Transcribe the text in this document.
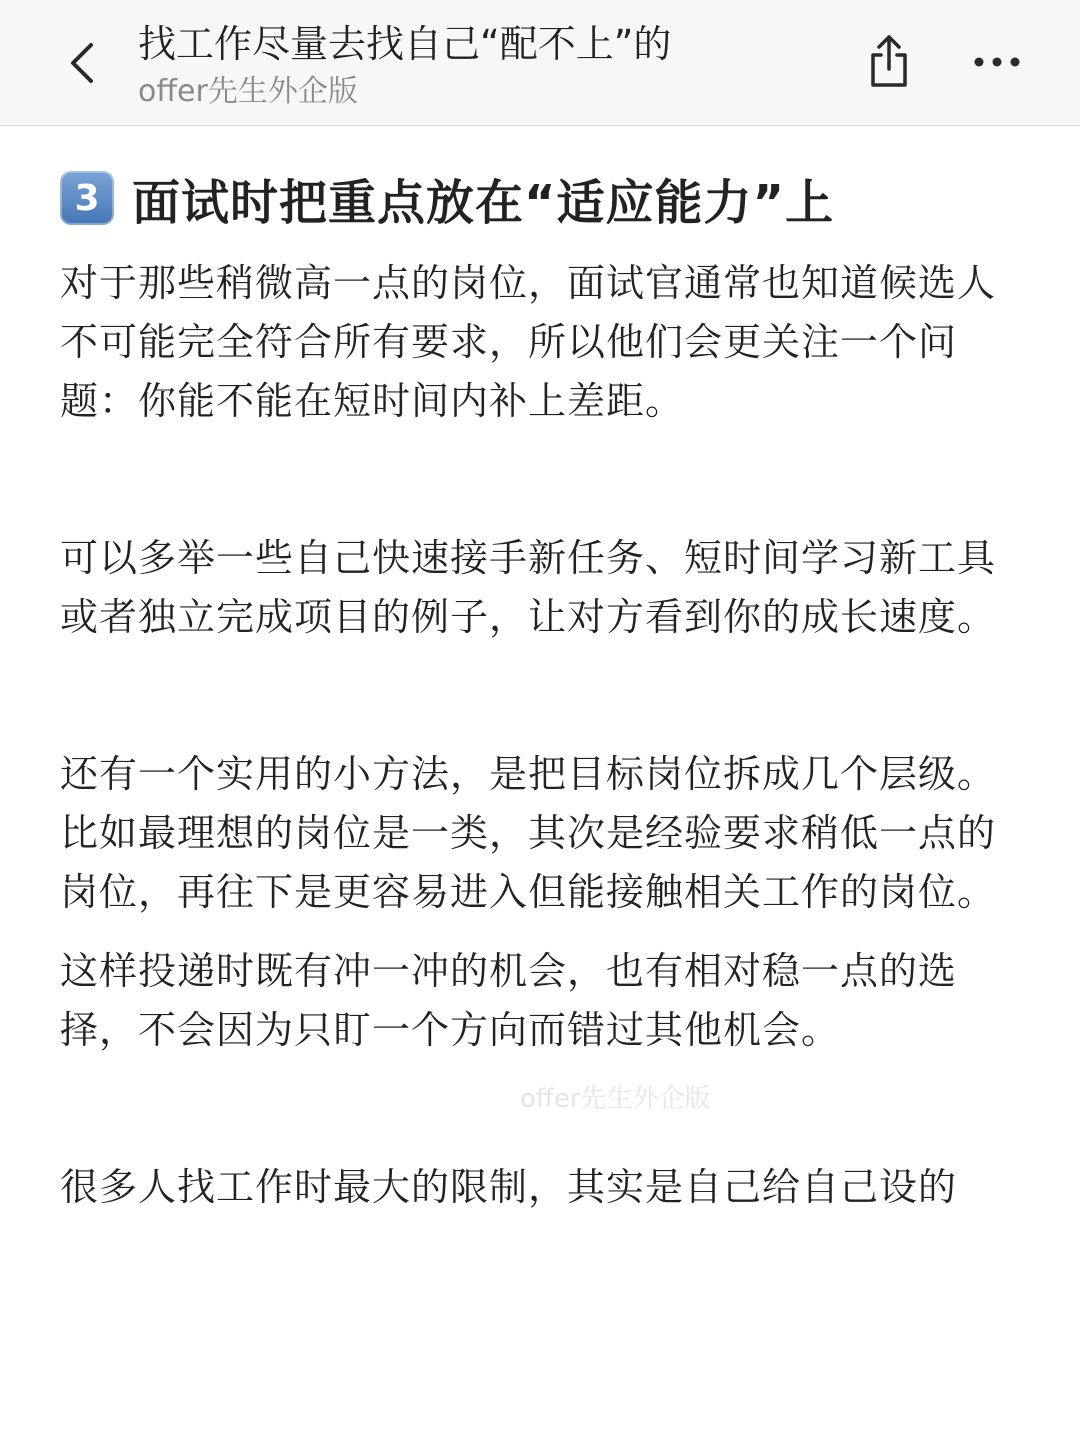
找工作尽量去找自己“配不上”的
offer先生外企版
3 面试时把重点放在“适应能力”上

对于那些稍微高一点的岗位，面试官通常也知道候选人不可能完全符合所有要求，所以他们会更关注一个问题：你能不能在短时间内补上差距。

可以多举一些自己快速接手新任务、短时间学习新工具或者独立完成项目的例子，让对方看到你的成长速度。

还有一个实用的小方法，是把目标岗位拆成几个层级。比如最理想的岗位是一类，其次是经验要求稍低一点的岗位，再往下是更容易进入但能接触相关工作的岗位。

这样投递时既有冲一冲的机会，也有相对稳一点的选择，不会因为只盯一个方向而错过其他机会。

很多人找工作时最大的限制，其实是自己给自己设的

offer先生外企版
